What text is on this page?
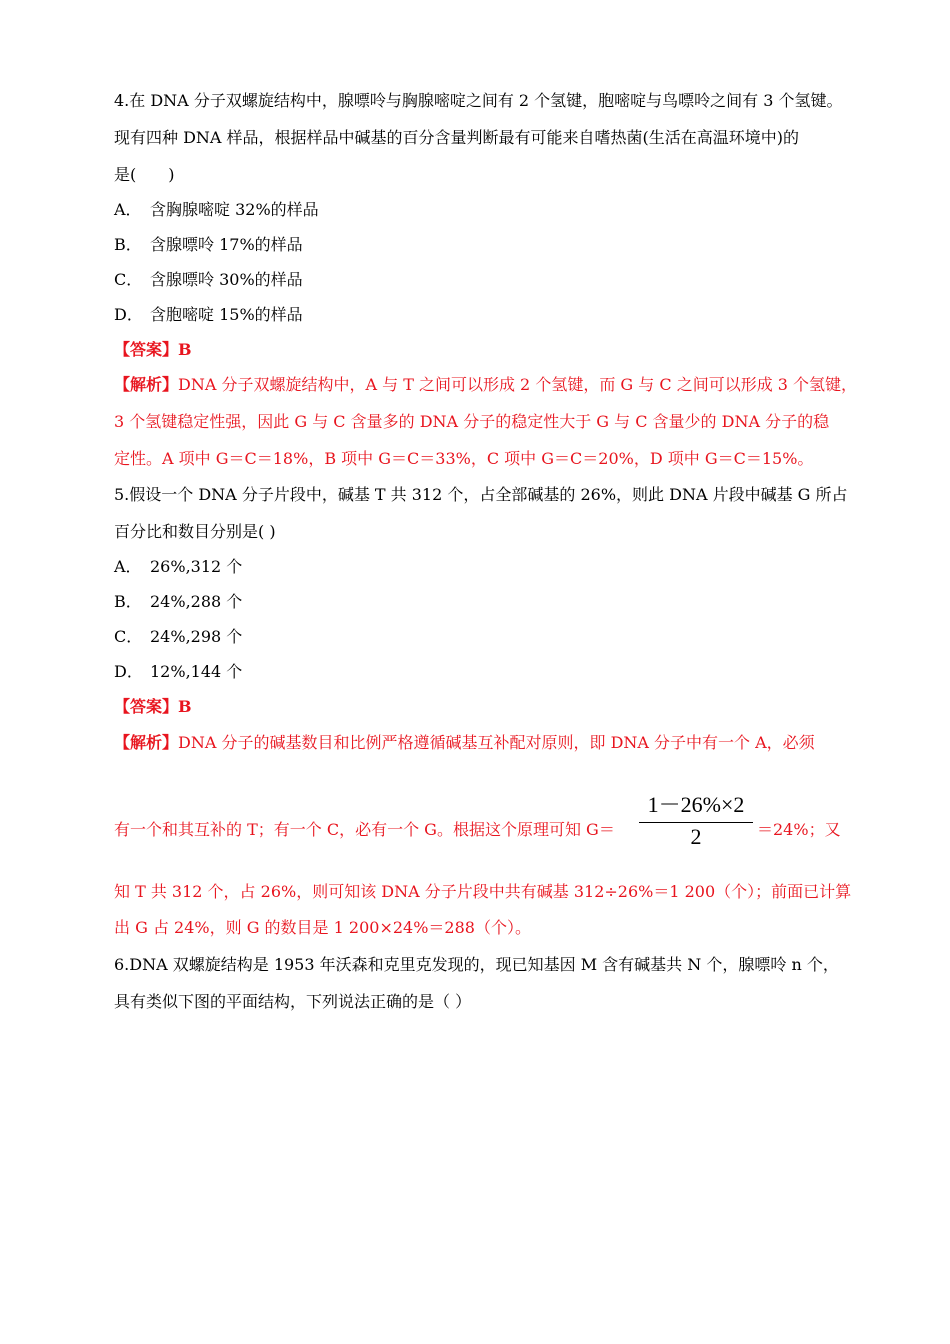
4.在 DNA 分子双螺旋结构中，腺嘌呤与胸腺嘧啶之间有 2 个氢键，胞嘧啶与鸟嘌呤之间有 3 个氢键。
现有四种 DNA 样品，根据样品中碱基的百分含量判断最有可能来自嗜热菌(生活在高温环境中)的
是(　　)
A． 含胸腺嘧啶 32%的样品
B． 含腺嘌呤 17%的样品
C． 含腺嘌呤 30%的样品
D． 含胞嘧啶 15%的样品
【答案】B
【解析】DNA 分子双螺旋结构中，A 与 T 之间可以形成 2 个氢键，而 G 与 C 之间可以形成 3 个氢键，
3 个氢键稳定性强，因此 G 与 C 含量多的 DNA 分子的稳定性大于 G 与 C 含量少的 DNA 分子的稳
定性。A 项中 G＝C＝18%，B 项中 G＝C＝33%，C 项中 G＝C＝20%，D 项中 G＝C＝15%。
5.假设一个 DNA 分子片段中，碱基 T 共 312 个，占全部碱基的 26%，则此 DNA 片段中碱基 G 所占
百分比和数目分别是( )
A． 26%,312 个
B． 24%,288 个
C． 24%,298 个
D． 12%,144 个
【答案】B
【解析】DNA 分子的碱基数目和比例严格遵循碱基互补配对原则，即 DNA 分子中有一个 A，必须
有一个和其互补的 T；有一个 C，必有一个 G。根据这个原理可知 G＝
1－26%×2
2	＝24%；又
知 T 共 312 个，占 26%，则可知该 DNA 分子片段中共有碱基 312÷26%＝1 200（个）；前面已计算
出 G 占 24%，则 G 的数目是 1 200×24%＝288（个）。
6.DNA 双螺旋结构是 1953 年沃森和克里克发现的，现已知基因 M 含有碱基共 N 个，腺嘌呤 n 个，
具有类似下图的平面结构，下列说法正确的是（ ）
